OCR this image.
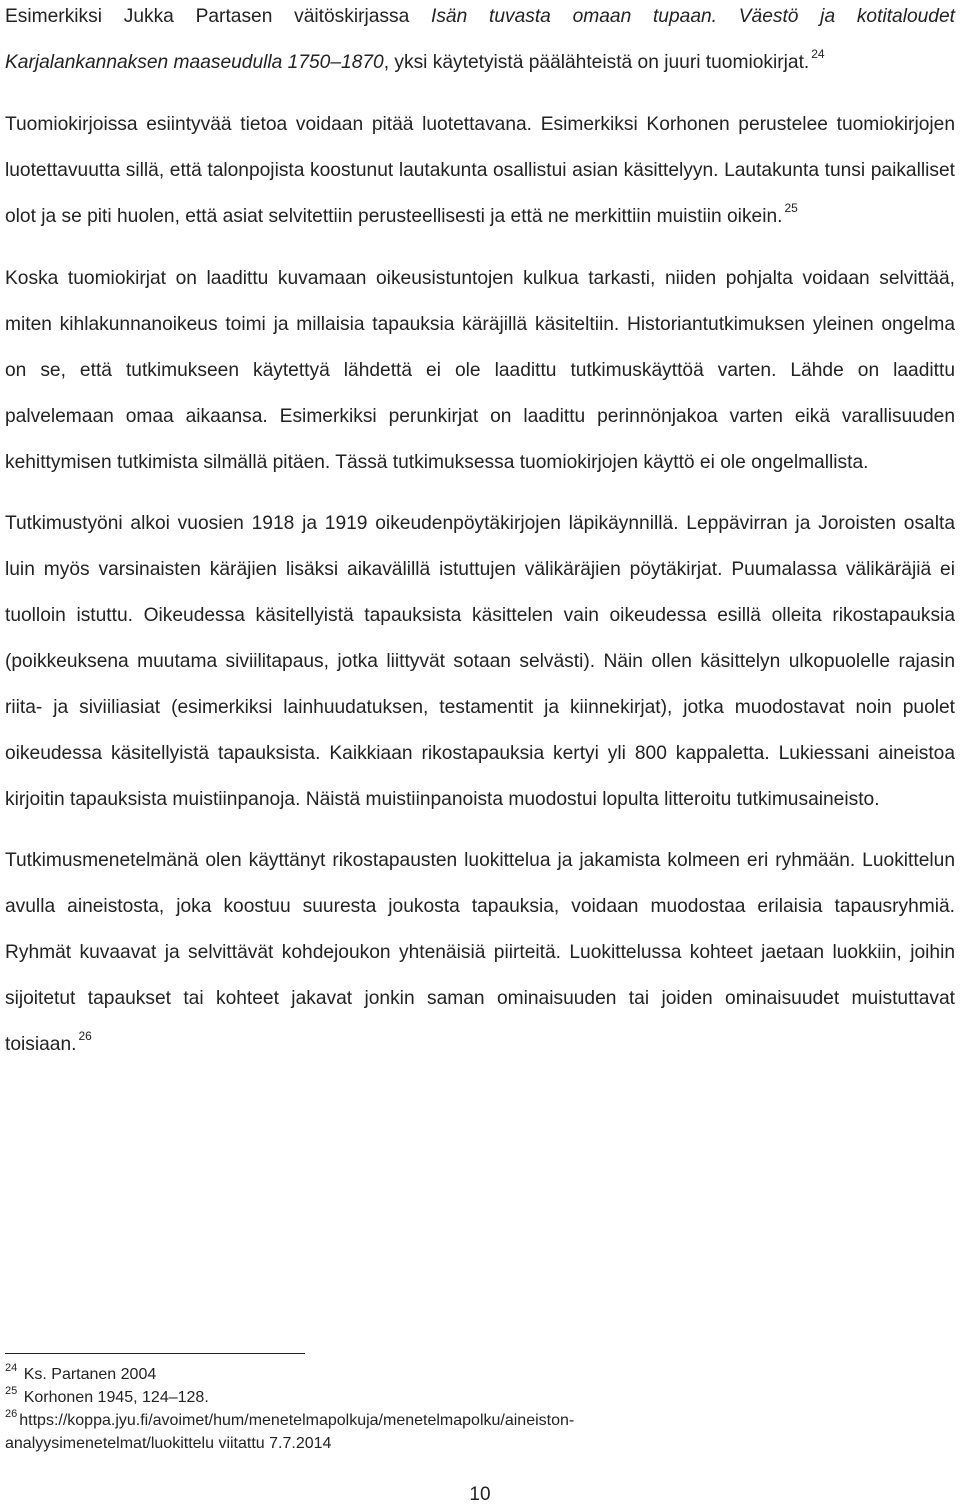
Esimerkiksi Jukka Partasen väitöskirjassa Isän tuvasta omaan tupaan. Väestö ja kotitaloudet Karjalankannaksen maaseudulla 1750–1870, yksi käytetyistä päälähteistä on juuri tuomiokirjat. $^{24}$

Tuomiokirjoissa esiintyvää tietoa voidaan pitää luotettavana. Esimerkiksi Korhonen perustelee tuomiokirjojen luotettavuutta sillä, että talonpojista koostunut lautakunta osallistui asian käsittelyyn. Lautakunta tunsi paikalliset olot ja se piti huolen, että asiat selvitettiin perusteellisesti ja että ne merkittiin muistiin oikein. $^{25}$

Koska tuomiokirjat on laadittu kuvamaan oikeusistuntojen kulkua tarkasti, niiden pohjalta voidaan selvittää, miten kihlakunnanoikeus toimi ja millaisia tapauksia käräjillä käsiteltiin. Historiantutkimuksen yleinen ongelma on se, että tutkimukseen käytettyä lähdettä ei ole laadittu tutkimuskäyttöä varten. Lähde on laadittu palvelemaan omaa aikaansa. Esimerkiksi perunkirjat on laadittu perinnönjakoa varten eikä varallisuuden kehittymisen tutkimista silmällä pitäen. Tässä tutkimuksessa tuomiokirjojen käyttö ei ole ongelmallista.

Tutkimustyöni alkoi vuosien 1918 ja 1919 oikeudenpöytäkirjojen läpikäynnillä. Leppävirran ja Joroisten osalta luin myös varsinaisten käräjien lisäksi aikavälillä istuttujen välikäräjien pöytäkirjat. Puumalassa välikäräjiä ei tuolloin istuttu. Oikeudessa käsitellyistä tapauksista käsittelen vain oikeudessa esillä olleita rikostapauksia (poikkeuksena muutama siviilitapaus, jotka liittyvät sotaan selvästi). Näin ollen käsittelyn ulkopuolelle rajasin riita- ja siviiliasiat (esimerkiksi lainhuudatuksen, testamentit ja kiinnekirjat), jotka muodostavat noin puolet oikeudessa käsitellyistä tapauksista. Kaikkiaan rikostapauksia kertyi yli 800 kappaletta. Lukiessani aineistoa kirjoitin tapauksista muistiinpanoja. Näistä muistiinpanoista muodostui lopulta litteroitu tutkimusaineisto.

Tutkimusmenetelmänä olen käyttänyt rikostapausten luokittelua ja jakamista kolmeen eri ryhmään. Luokittelun avulla aineistosta, joka koostuu suuresta joukosta tapauksia, voidaan muodostaa erilaisia tapausryhmiä. Ryhmät kuvaavat ja selvittävät kohdejoukon yhtenäisiä piirteitä. Luokittelussa kohteet jaetaan luokkiin, joihin sijoitetut tapaukset tai kohteet jakavat jonkin saman ominaisuuden tai joiden ominaisuudet muistuttavat toisiaan. $^{26}$

$^{24}$ Ks. Partanen 2004
$^{25}$ Korhonen 1945, 124–128.
$^{26}$ https://koppa.jyu.fi/avoimet/hum/menetelmapolkuja/menetelmapolku/aineiston-
analyysimenetelmat/luokittelu viitattu 7.7.2014
10
